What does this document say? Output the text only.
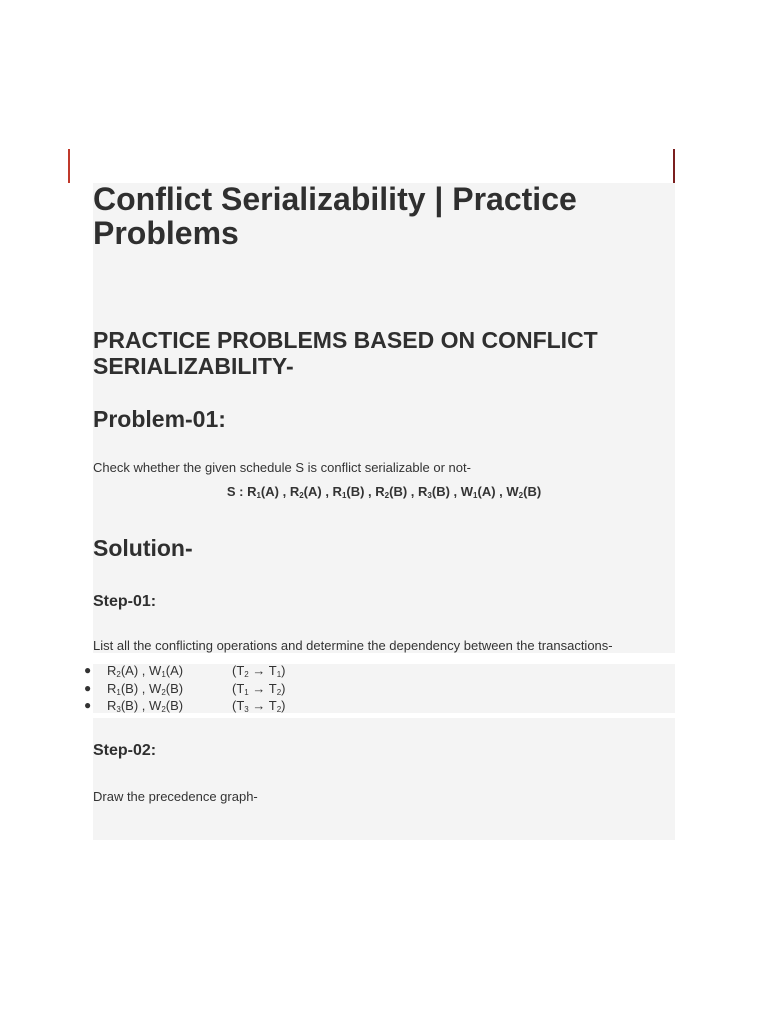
Conflict Serializability | Practice Problems
PRACTICE PROBLEMS BASED ON CONFLICT SERIALIZABILITY-
Problem-01:

Check whether the given schedule S is conflict serializable or not-

S : $R_1(A)$ , $R_2(A)$ , $R_1(B)$ , $R_2(B)$ , $R_3(B)$ , $W_1(A)$ , $W_2(B)$

Solution-
Step-01:

List all the conflicting operations and determine the dependency between the transactions-

● $R_2(A)$ , $W_1(A)$	$(T_2 \to T_1)$
● $R_1(B)$ , $W_2(B)$	$(T_1 \to T_2)$
● $R_3(B)$ , $W_2(B)$	$(T_3 \to T_2)$
Step-02:

Draw the precedence graph-
